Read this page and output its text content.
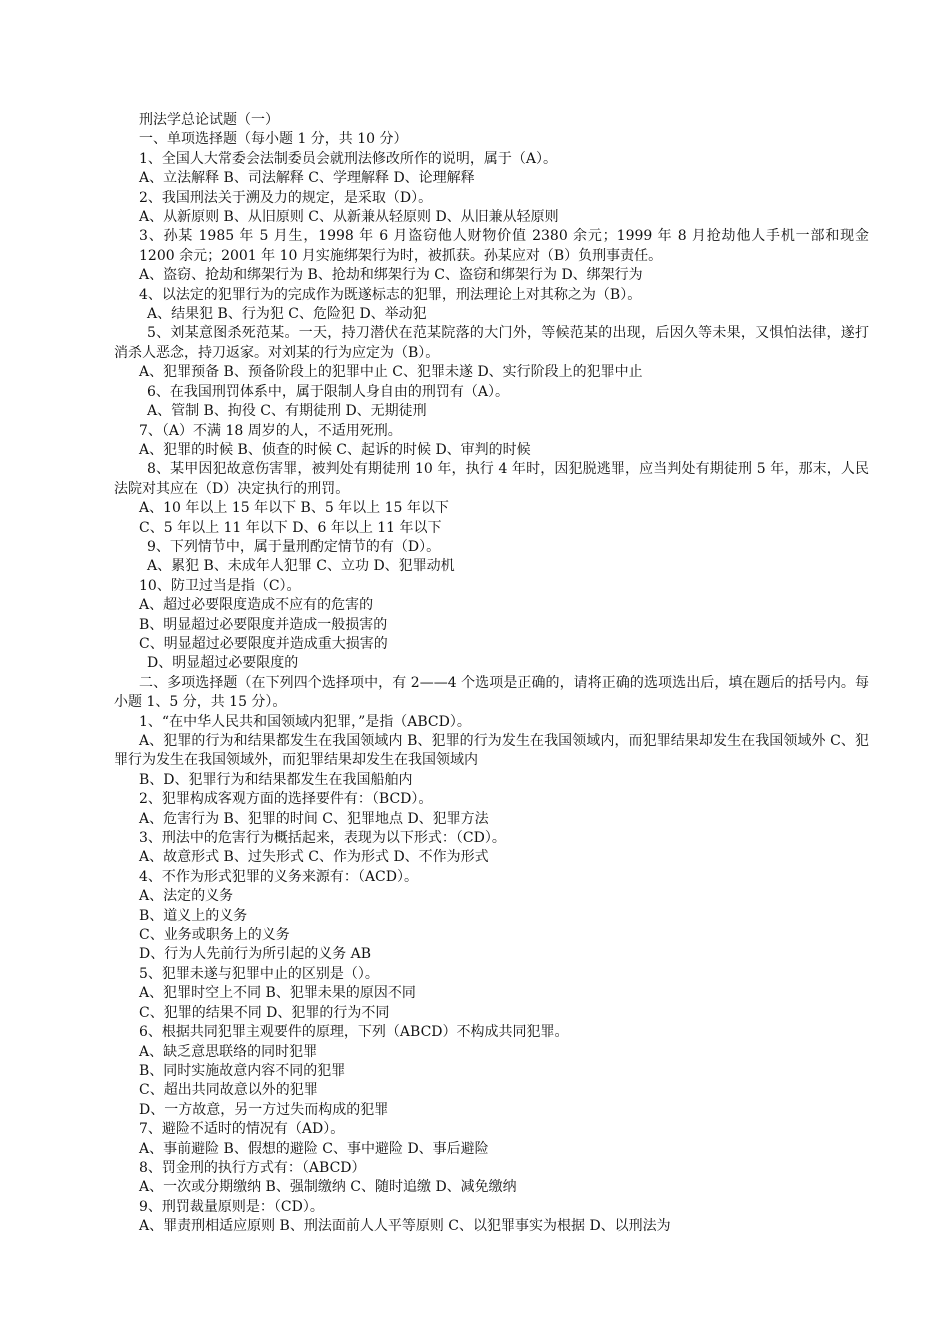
刑法学总论试题（一）

一、单项选择题（每小题 1 分，共 10 分）

1、全国人大常委会法制委员会就刑法修改所作的说明，属于（A）。

A、立法解释 B、司法解释 C、学理解释 D、论理解释

2、我国刑法关于溯及力的规定，是采取（D）。

A、从新原则 B、从旧原则 C、从新兼从轻原则 D、从旧兼从轻原则

3、孙某 1985 年 5 月生，1998 年 6 月盗窃他人财物价值 2380 余元；1999 年 8 月抢劫他人手机一部和现金 1200 余元；2001 年 10 月实施绑架行为时，被抓获。孙某应对（B）负刑事责任。

A、盗窃、抢劫和绑架行为 B、抢劫和绑架行为 C、盗窃和绑架行为 D、绑架行为

4、以法定的犯罪行为的完成作为既遂标志的犯罪，刑法理论上对其称之为（B）。

A、结果犯 B、行为犯 C、危险犯 D、举动犯

5、刘某意图杀死范某。一天，持刀潜伏在范某院落的大门外，等候范某的出现，后因久等未果，又惧怕法律，遂打消杀人恶念，持刀返家。对刘某的行为应定为（B）。

A、犯罪预备 B、预备阶段上的犯罪中止 C、犯罪未遂 D、实行阶段上的犯罪中止

6、在我国刑罚体系中，属于限制人身自由的刑罚有（A）。

A、管制 B、拘役 C、有期徒刑 D、无期徒刑

7、（A）不满 18 周岁的人，不适用死刑。

A、犯罪的时候 B、侦查的时候 C、起诉的时候 D、审判的时候

8、某甲因犯故意伤害罪，被判处有期徒刑 10 年，执行 4 年时，因犯脱逃罪，应当判处有期徒刑 5 年，那末，人民法院对其应在（D）决定执行的刑罚。

A、10 年以上 15 年以下 B、5 年以上 15 年以下

C、5 年以上 11 年以下 D、6 年以上 11 年以下

9、下列情节中，属于量刑酌定情节的有（D）。

A、累犯 B、未成年人犯罪 C、立功 D、犯罪动机

10、防卫过当是指（C）。

A、超过必要限度造成不应有的危害的

B、明显超过必要限度并造成一般损害的

C、明显超过必要限度并造成重大损害的

D、明显超过必要限度的

二、多项选择题（在下列四个选择项中，有 2——4 个选项是正确的，请将正确的选项选出后，填在题后的括号内。每小题 1、5 分，共 15 分）。

1、“在中华人民共和国领域内犯罪，”是指（ABCD）。

A、犯罪的行为和结果都发生在我国领域内 B、犯罪的行为发生在我国领域内，而犯罪结果却发生在我国领域外 C、犯罪行为发生在我国领域外，而犯罪结果却发生在我国领域内

B、D、犯罪行为和结果都发生在我国船舶内

2、犯罪构成客观方面的选择要件有：（BCD）。

A、危害行为 B、犯罪的时间 C、犯罪地点 D、犯罪方法

3、刑法中的危害行为概括起来，表现为以下形式：（CD）。

A、故意形式 B、过失形式 C、作为形式 D、不作为形式

4、不作为形式犯罪的义务来源有：（ACD）。

A、法定的义务

B、道义上的义务

C、业务或职务上的义务

D、行为人先前行为所引起的义务 AB

5、犯罪未遂与犯罪中止的区别是（）。

A、犯罪时空上不同 B、犯罪未果的原因不同

C、犯罪的结果不同 D、犯罪的行为不同

6、根据共同犯罪主观要件的原理，下列（ABCD）不构成共同犯罪。

A、缺乏意思联络的同时犯罪

B、同时实施故意内容不同的犯罪

C、超出共同故意以外的犯罪

D、一方故意，另一方过失而构成的犯罪

7、避险不适时的情况有（AD）。

A、事前避险 B、假想的避险 C、事中避险 D、事后避险

8、罚金刑的执行方式有：（ABCD）

A、一次或分期缴纳 B、强制缴纳 C、随时追缴 D、减免缴纳

9、刑罚裁量原则是：（CD）。

A、罪责刑相适应原则 B、刑法面前人人平等原则 C、以犯罪事实为根据 D、以刑法为
